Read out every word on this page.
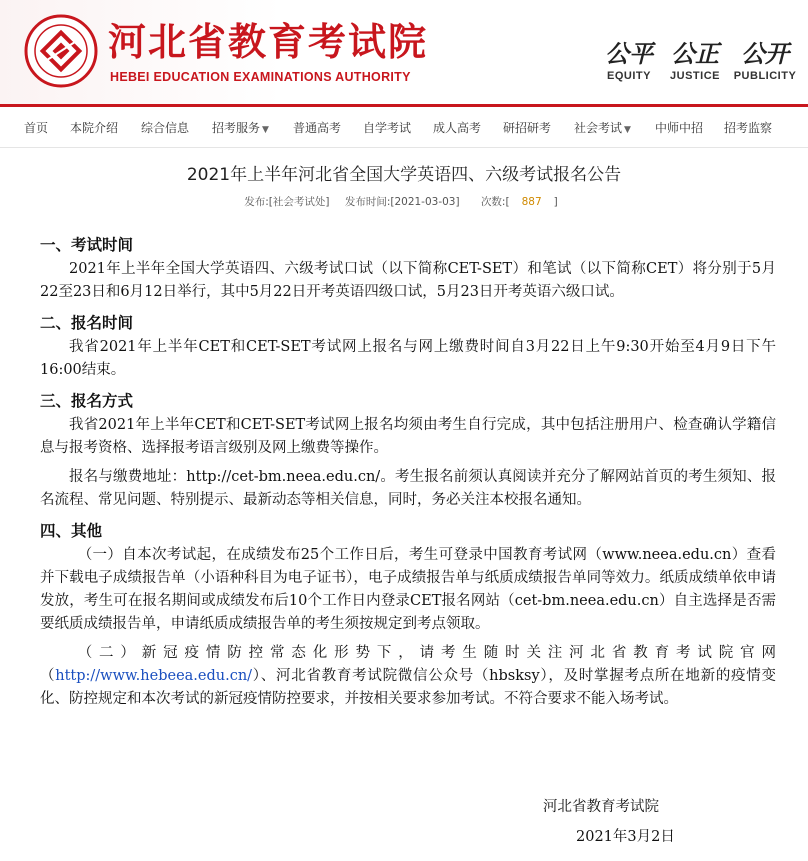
河北省教育考试院
HEBEI EDUCATION EXAMINATIONS AUTHORITY
公平
EQUITY
公正
JUSTICE
公开
PUBLICITY
首页 本院介绍 综合信息 招考服务 ▼ 普通高考 自学考试 成人高考 研招研考 社会考试 ▼ 中师中招 招考监察
2021年上半年河北省全国大学英语四、六级考试报名公告
发布:[社会考试处] 发布时间:[2021-03-03] 次数:[ 887 ]
一、考试时间

2021年上半年全国大学英语四、六级考试口试（以下简称CET-SET）和笔试（以下简称CET）将分别于5月22至23日和6月12日举行，其中5月22日开考英语四级口试，5月23日开考英语六级口试。

二、报名时间

我省2021年上半年CET和CET-SET考试网上报名与网上缴费时间自3月22日上午9:30开始至4月9日下午16:00结束。

三、报名方式

我省2021年上半年CET和CET-SET考试网上报名均须由考生自行完成，其中包括注册用户、检查确认学籍信息与报考资格、选择报考语言级别及网上缴费等操作。

报名与缴费地址：http://cet-bm.neea.edu.cn/。考生报名前须认真阅读并充分了解网站首页的考生须知、报名流程、常见问题、特别提示、最新动态等相关信息，同时，务必关注本校报名通知。

四、其他

（一）自本次考试起，在成绩发布25个工作日后，考生可登录中国教育考试网（www.neea.edu.cn）查看并下载电子成绩报告单（小语种科目为电子证书），电子成绩报告单与纸质成绩报告单同等效力。纸质成绩单依申请发放，考生可在报名期间或成绩发布后10个工作日内登录CET报名网站（cet-bm.neea.edu.cn）自主选择是否需要纸质成绩报告单，申请纸质成绩报告单的考生须按规定到考点领取。

（二）新冠疫情防控常态化形势下，请考生随时关注河北省教育考试院官网（http://www.hebeea.edu.cn/）、河北省教育考试院微信公众号（hbsksy），及时掌握考点所在地新的疫情变化、防控规定和本次考试的新冠疫情防控要求，并按相关要求参加考试。不符合要求不能入场考试。

河北省教育考试院
2021年3月2日
